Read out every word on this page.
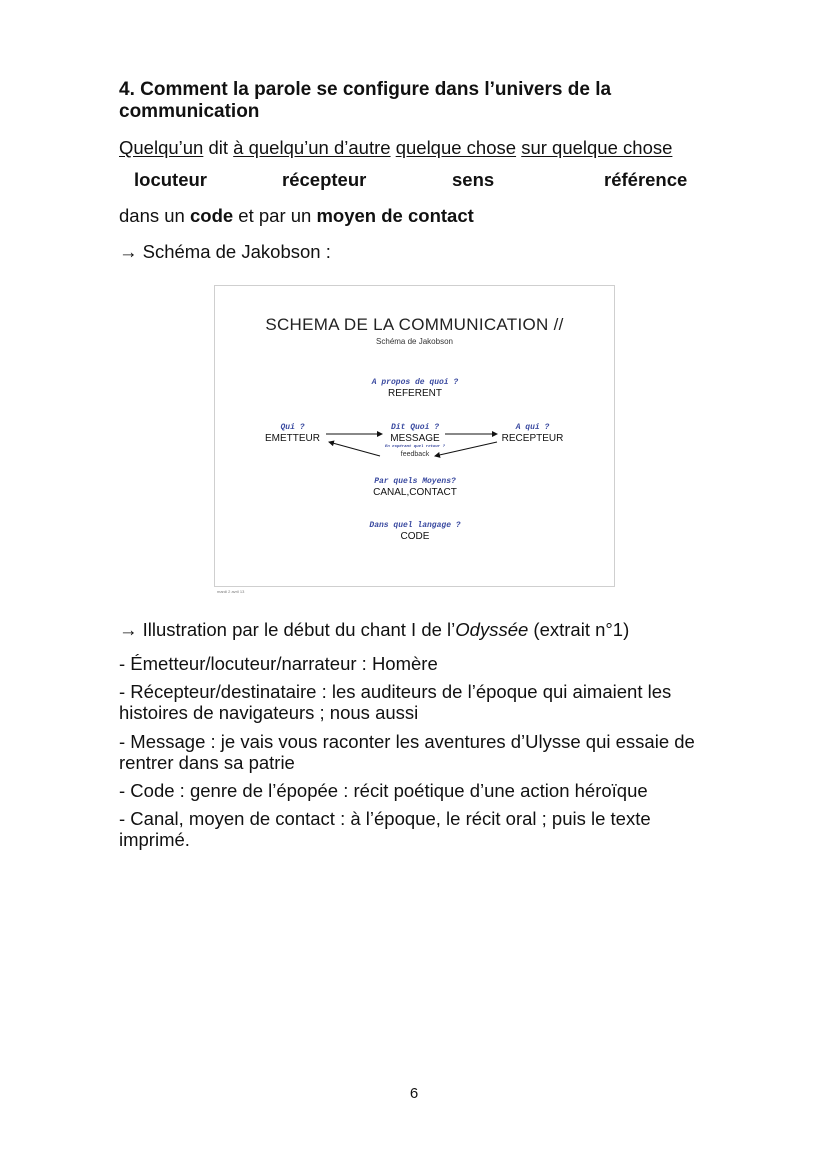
4. Comment la parole se configure dans l’univers de la communication
Quelqu’un dit à quelqu’un d’autre quelque chose sur quelque chose
locuteur	récepteur	sens	référence
dans un code et par un moyen de contact
→ Schéma de Jakobson :
SCHEMA DE LA COMMUNICATION //
Schéma de Jakobson
A propos de quoi ?
REFERENT
Qui ?
EMETTEUR
Dit Quoi ?
MESSAGE
En espérant quel retour ?
feedback
A qui ?
RECEPTEUR
Par quels Moyens?
CANAL,CONTACT
Dans quel langage ?
CODE
mardi 2 avril 13
→ Illustration par le début du chant I de l’Odyssée (extrait n°1)
- Émetteur/locuteur/narrateur : Homère
- Récepteur/destinataire : les auditeurs de l’époque qui aimaient les histoires de navigateurs ; nous aussi
- Message : je vais vous raconter les aventures d’Ulysse qui essaie de rentrer dans sa patrie
- Code : genre de l’épopée : récit poétique d’une action héroïque
- Canal, moyen de contact : à l’époque, le récit oral ; puis le texte imprimé.
6
